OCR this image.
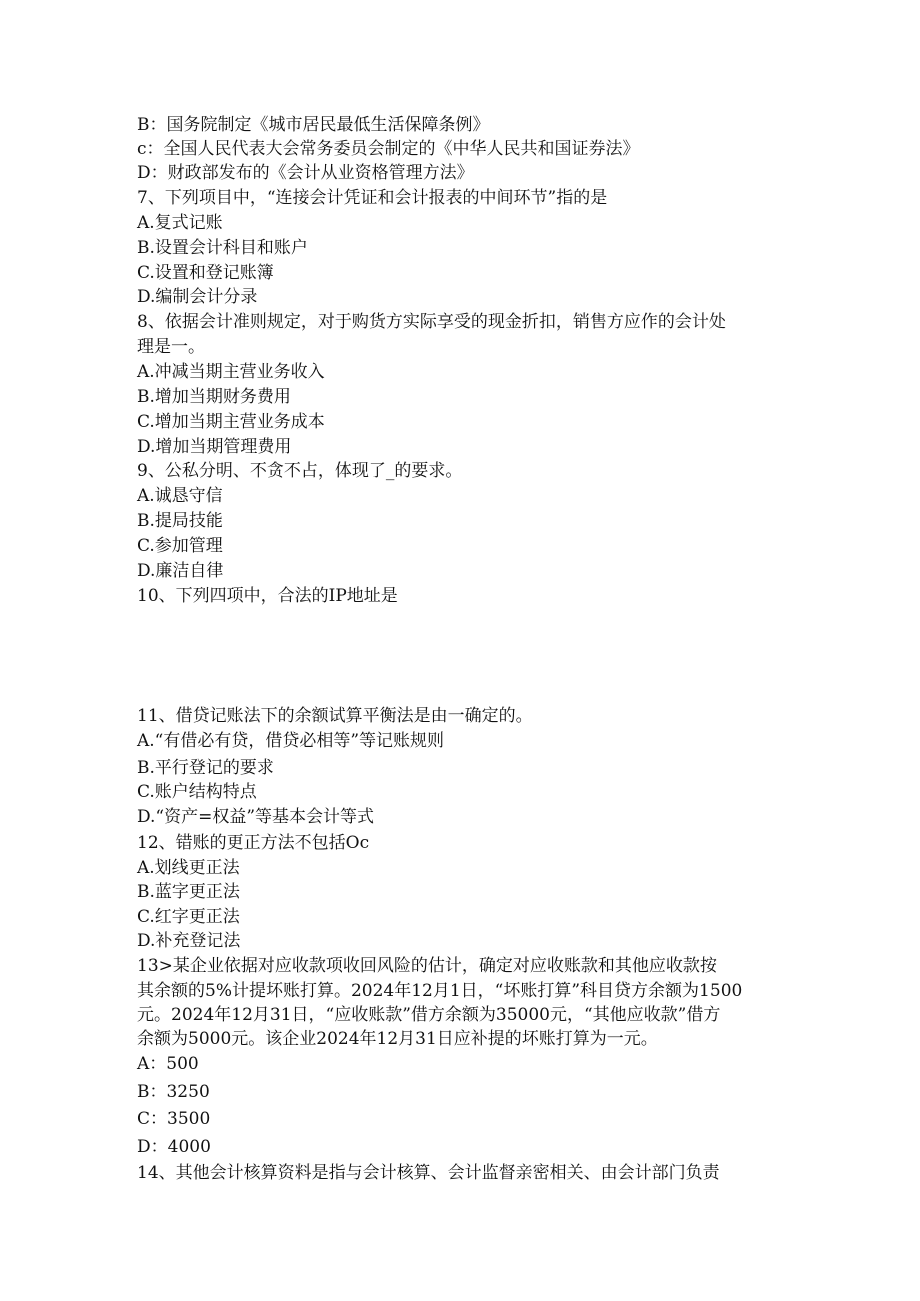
B：国务院制定《城市居民最低生活保障条例》
c：全国人民代表大会常务委员会制定的《中华人民共和国证券法》
D：财政部发布的《会计从业资格管理方法》
7、下列项目中，“连接会计凭证和会计报表的中间环节”指的是
A.复式记账
B.设置会计科目和账户
C.设置和登记账簿
D.编制会计分录
8、依据会计准则规定，对于购货方实际享受的现金折扣，销售方应作的会计处
理是一。
A.冲减当期主营业务收入
B.增加当期财务费用
C.增加当期主营业务成本
D.增加当期管理费用
9、公私分明、不贪不占，体现了_的要求。
A.诚恳守信
B.提局技能
C.参加管理
D.廉洁自律
10、下列四项中，合法的IP地址是
11、借贷记账法下的余额试算平衡法是由一确定的。
A.“有借必有贷，借贷必相等”等记账规则
B.平行登记的要求
C.账户结构特点
D.“资产=权益”等基本会计等式
12、错账的更正方法不包括Oc
A.划线更正法
B.蓝字更正法
C.红字更正法
D.补充登记法
13>某企业依据对应收款项收回风险的估计，确定对应收账款和其他应收款按
其余额的5%计提坏账打算。2024年12月1日，“坏账打算”科目贷方余额为1500
元。2024年12月31日，“应收账款”借方余额为35000元，“其他应收款”借方
余额为5000元。该企业2024年12月31日应补提的坏账打算为一元。
A：500
B：3250
C：3500
D：4000
14、其他会计核算资料是指与会计核算、会计监督亲密相关、由会计部门负责
